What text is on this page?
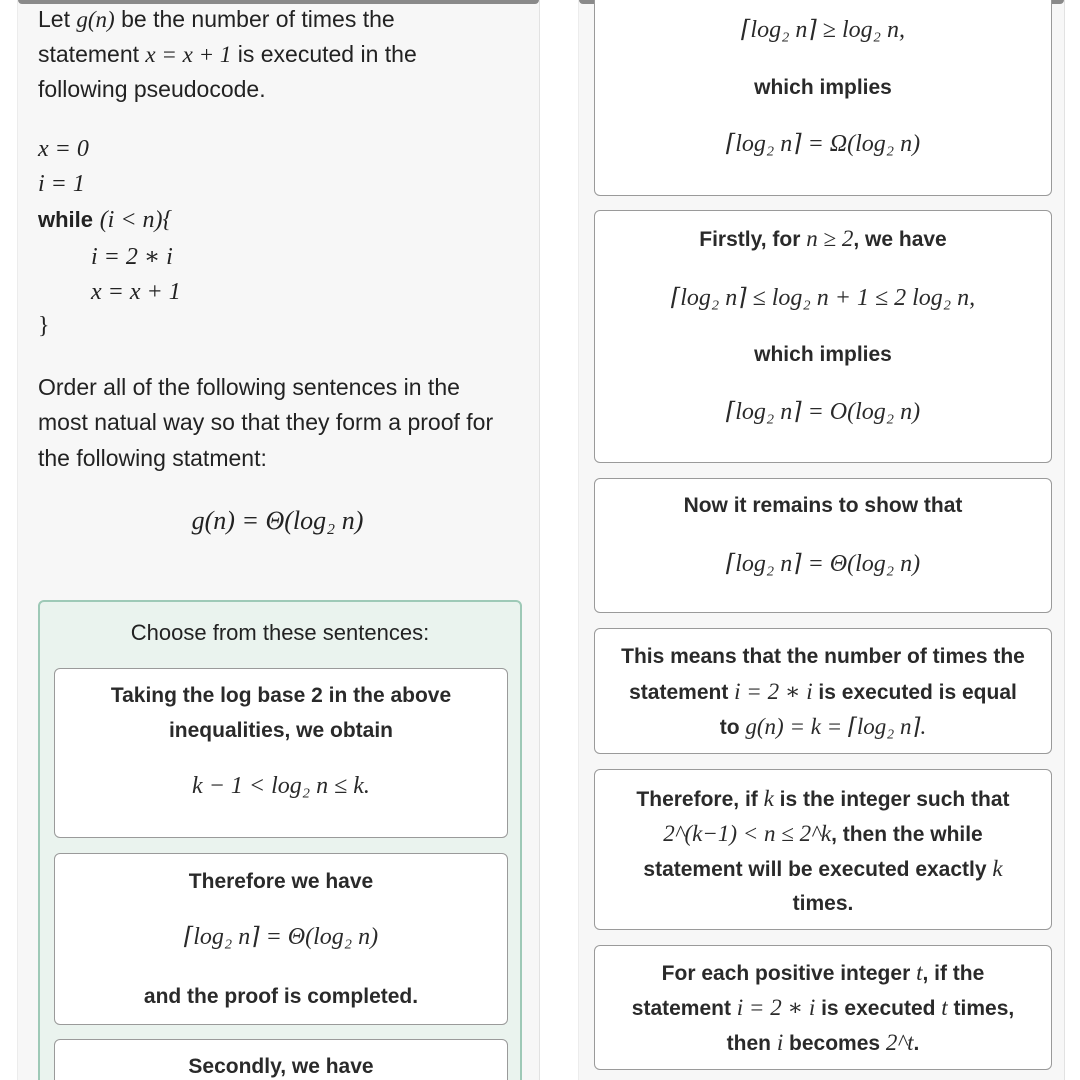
Let g(n) be the number of times the
statement x = x + 1 is executed in the
following pseudocode.
x = 0
i = 1
while (i < n){
i = 2 ∗ i
x = x + 1
}
Order all of the following sentences in the
most natual way so that they form a proof for
the following statment:
g(n) = Θ(log₂ n)
Choose from these sentences:
Taking the log base 2 in the above
inequalities, we obtain
k − 1 < log₂ n ≤ k.
Therefore we have
⌈log₂ n⌉ = Θ(log₂ n)
and the proof is completed.
Secondly, we have
⌈log₂ n⌉ ≥ log₂ n,
which implies
⌈log₂ n⌉ = Ω(log₂ n)
Firstly, for n ≥ 2, we have
⌈log₂ n⌉ ≤ log₂ n + 1 ≤ 2 log₂ n,
which implies
⌈log₂ n⌉ = O(log₂ n)
Now it remains to show that
⌈log₂ n⌉ = Θ(log₂ n)
This means that the number of times the
statement i = 2 ∗ i is executed is equal
to g(n) = k = ⌈log₂ n⌉.
Therefore, if k is the integer such that
2^(k−1) < n ≤ 2^k, then the while
statement will be executed exactly k
times.
For each positive integer t, if the
statement i = 2 ∗ i is executed t times,
then i becomes 2^t.
